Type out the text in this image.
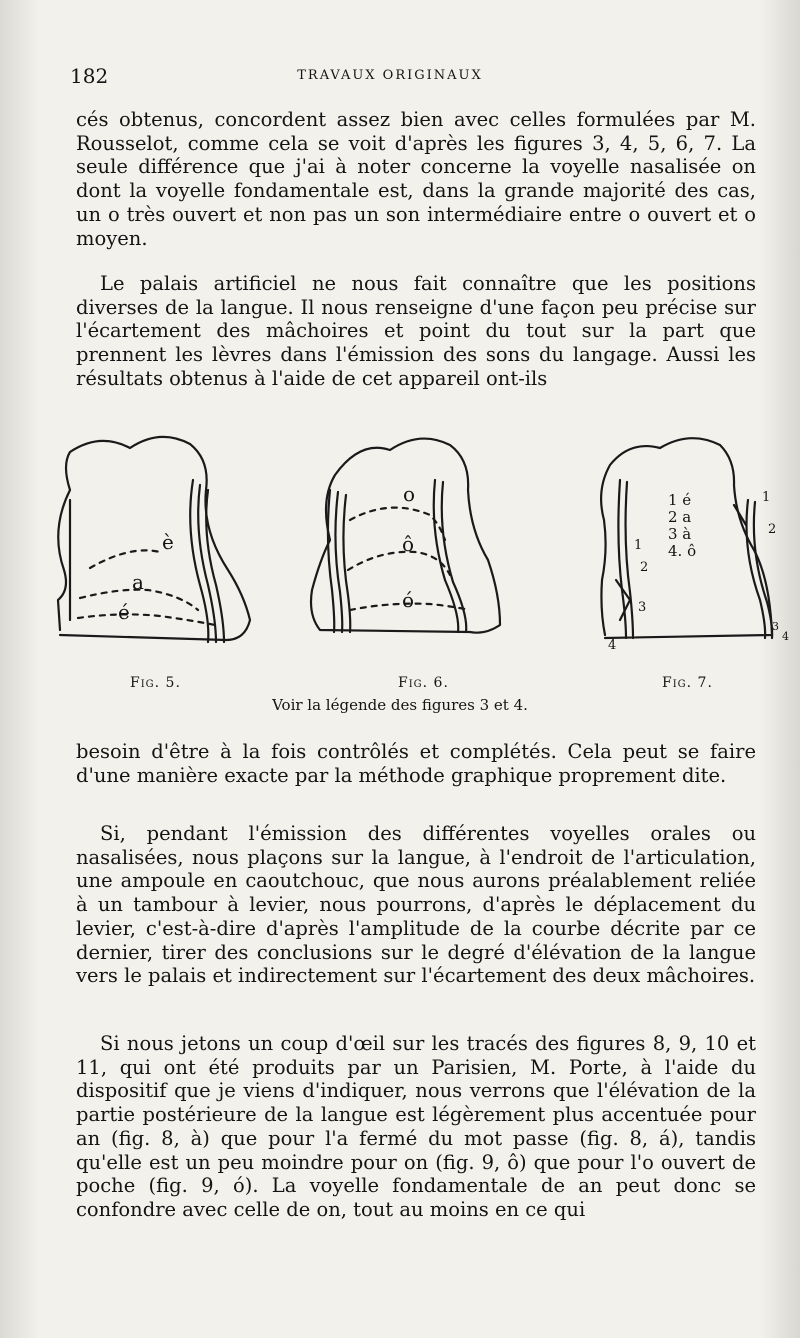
182	TRAVAUX ORIGINAUX

cés obtenus, concordent assez bien avec celles formulées par M. Rousselot, comme cela se voit d'après les figures 3, 4, 5, 6, 7. La seule différence que j'ai à noter concerne la voyelle nasalisée on dont la voyelle fondamentale est, dans la grande majorité des cas, un o très ouvert et non pas un son intermédiaire entre o ouvert et o moyen.

Le palais artificiel ne nous fait connaître que les positions diverses de la langue. Il nous renseigne d'une façon peu précise sur l'écartement des mâchoires et point du tout sur la part que prennent les lèvres dans l'émission des sons du langage. Aussi les résultats obtenus à l'aide de cet appareil ont-ils

è
a
é
o
ô
ó
1 é
2 a
3 à
4. ô
1
2
3
4
1
2
3
4
Fig. 5.	Fig. 6.	Fig. 7.
Voir la légende des figures 3 et 4.

besoin d'être à la fois contrôlés et complétés. Cela peut se faire d'une manière exacte par la méthode graphique proprement dite.

Si, pendant l'émission des différentes voyelles orales ou nasalisées, nous plaçons sur la langue, à l'endroit de l'articulation, une ampoule en caoutchouc, que nous aurons préalablement reliée à un tambour à levier, nous pourrons, d'après le déplacement du levier, c'est-à-dire d'après l'amplitude de la courbe décrite par ce dernier, tirer des conclusions sur le degré d'élévation de la langue vers le palais et indirectement sur l'écartement des deux mâchoires.

Si nous jetons un coup d'œil sur les tracés des figures 8, 9, 10 et 11, qui ont été produits par un Parisien, M. Porte, à l'aide du dispositif que je viens d'indiquer, nous verrons que l'élévation de la partie postérieure de la langue est légèrement plus accentuée pour an (fig. 8, à) que pour l'a fermé du mot passe (fig. 8, á), tandis qu'elle est un peu moindre pour on (fig. 9, ô) que pour l'o ouvert de poche (fig. 9, ó). La voyelle fondamentale de an peut donc se confondre avec celle de on, tout au moins en ce qui
